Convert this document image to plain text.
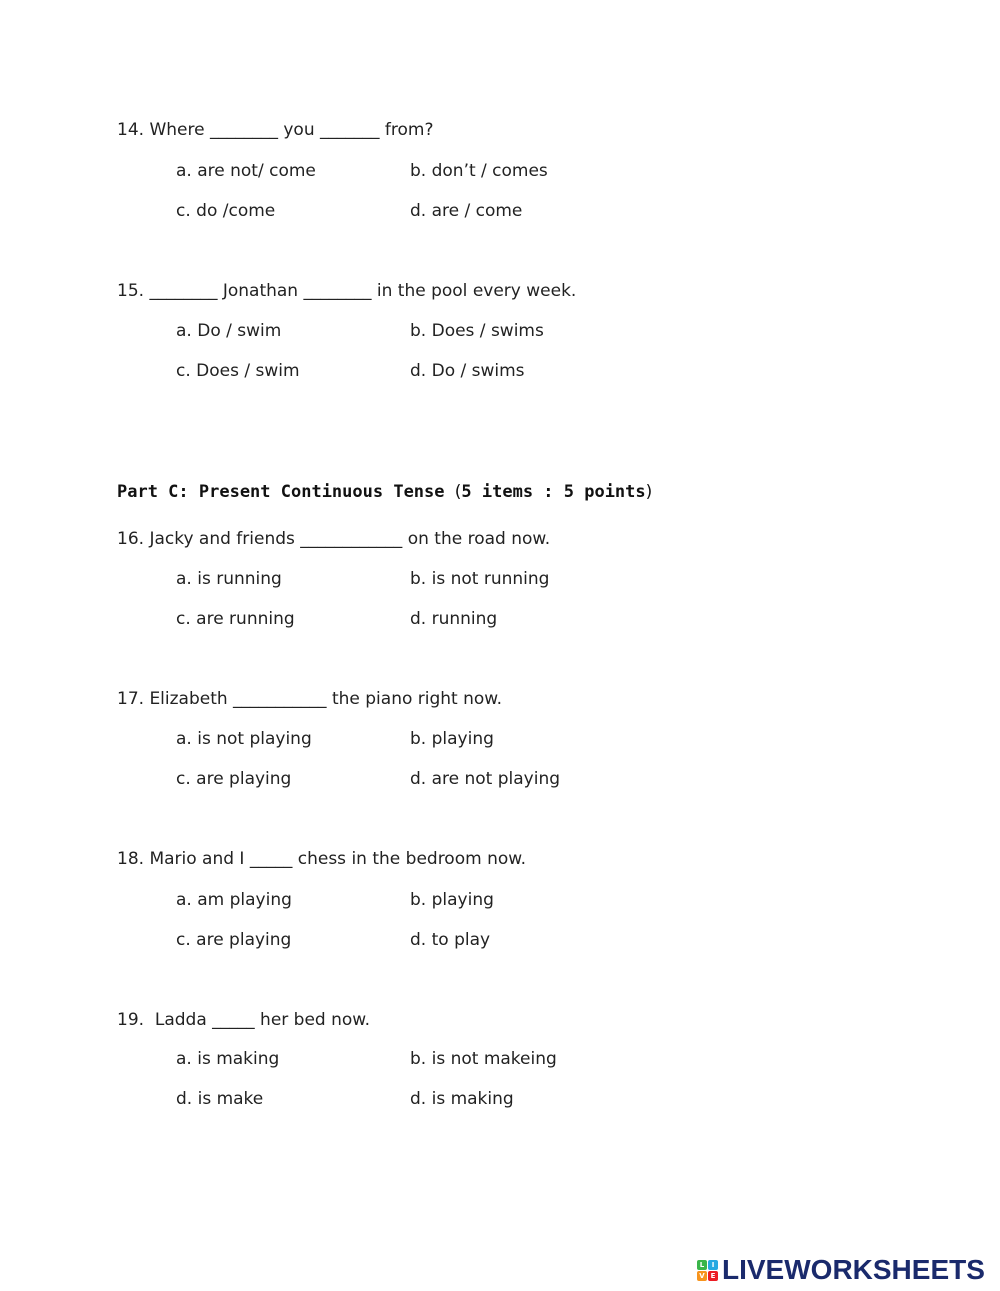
14. Where ________ you _______ from?
a. are not/ come	b. don’t / comes
c. do /come	d. are / come
15. ________ Jonathan ________ in the pool every week.
a. Do / swim	b. Does / swims
c. Does / swim	d. Do / swims
Part C: Present Continuous Tense (5 items : 5 points)
16. Jacky and friends ____________ on the road now.
a. is running	b. is not running
c. are running	d. running
17. Elizabeth ___________ the piano right now.
a. is not playing	b. playing
c. are playing	d. are not playing
18. Mario and I _____ chess in the bedroom now.
a. am playing	b. playing
c. are playing	d. to play
19.  Ladda _____ her bed now.
a. is making	b. is not makeing
d. is make	d. is making
L	I
V E LIVEWORKSHEETS
